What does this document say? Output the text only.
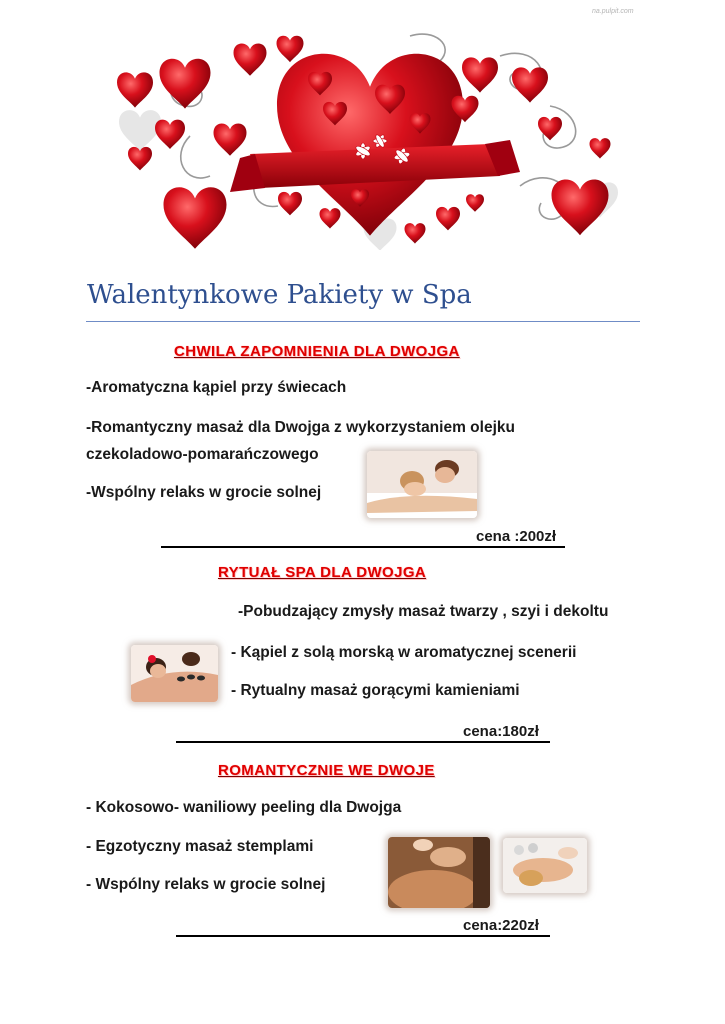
na.pulpit.com
Walentynkowe Pakiety w Spa
CHWILA ZAPOMNIENIA DLA DWOJGA
-Aromatyczna kąpiel przy świecach
-Romantyczny masaż dla Dwojga z wykorzystaniem olejku
czekoladowo-pomarańczowego
-Wspólny relaks w grocie solnej
cena :200zł
RYTUAŁ SPA DLA DWOJGA
-Pobudzający zmysły masaż twarzy , szyi i dekoltu
- Kąpiel z solą morską w aromatycznej scenerii
- Rytualny masaż gorącymi kamieniami
cena:180zł
ROMANTYCZNIE WE DWOJE
- Kokosowo- waniliowy peeling dla Dwojga
- Egzotyczny masaż stemplami
- Wspólny relaks w grocie solnej
cena:220zł
